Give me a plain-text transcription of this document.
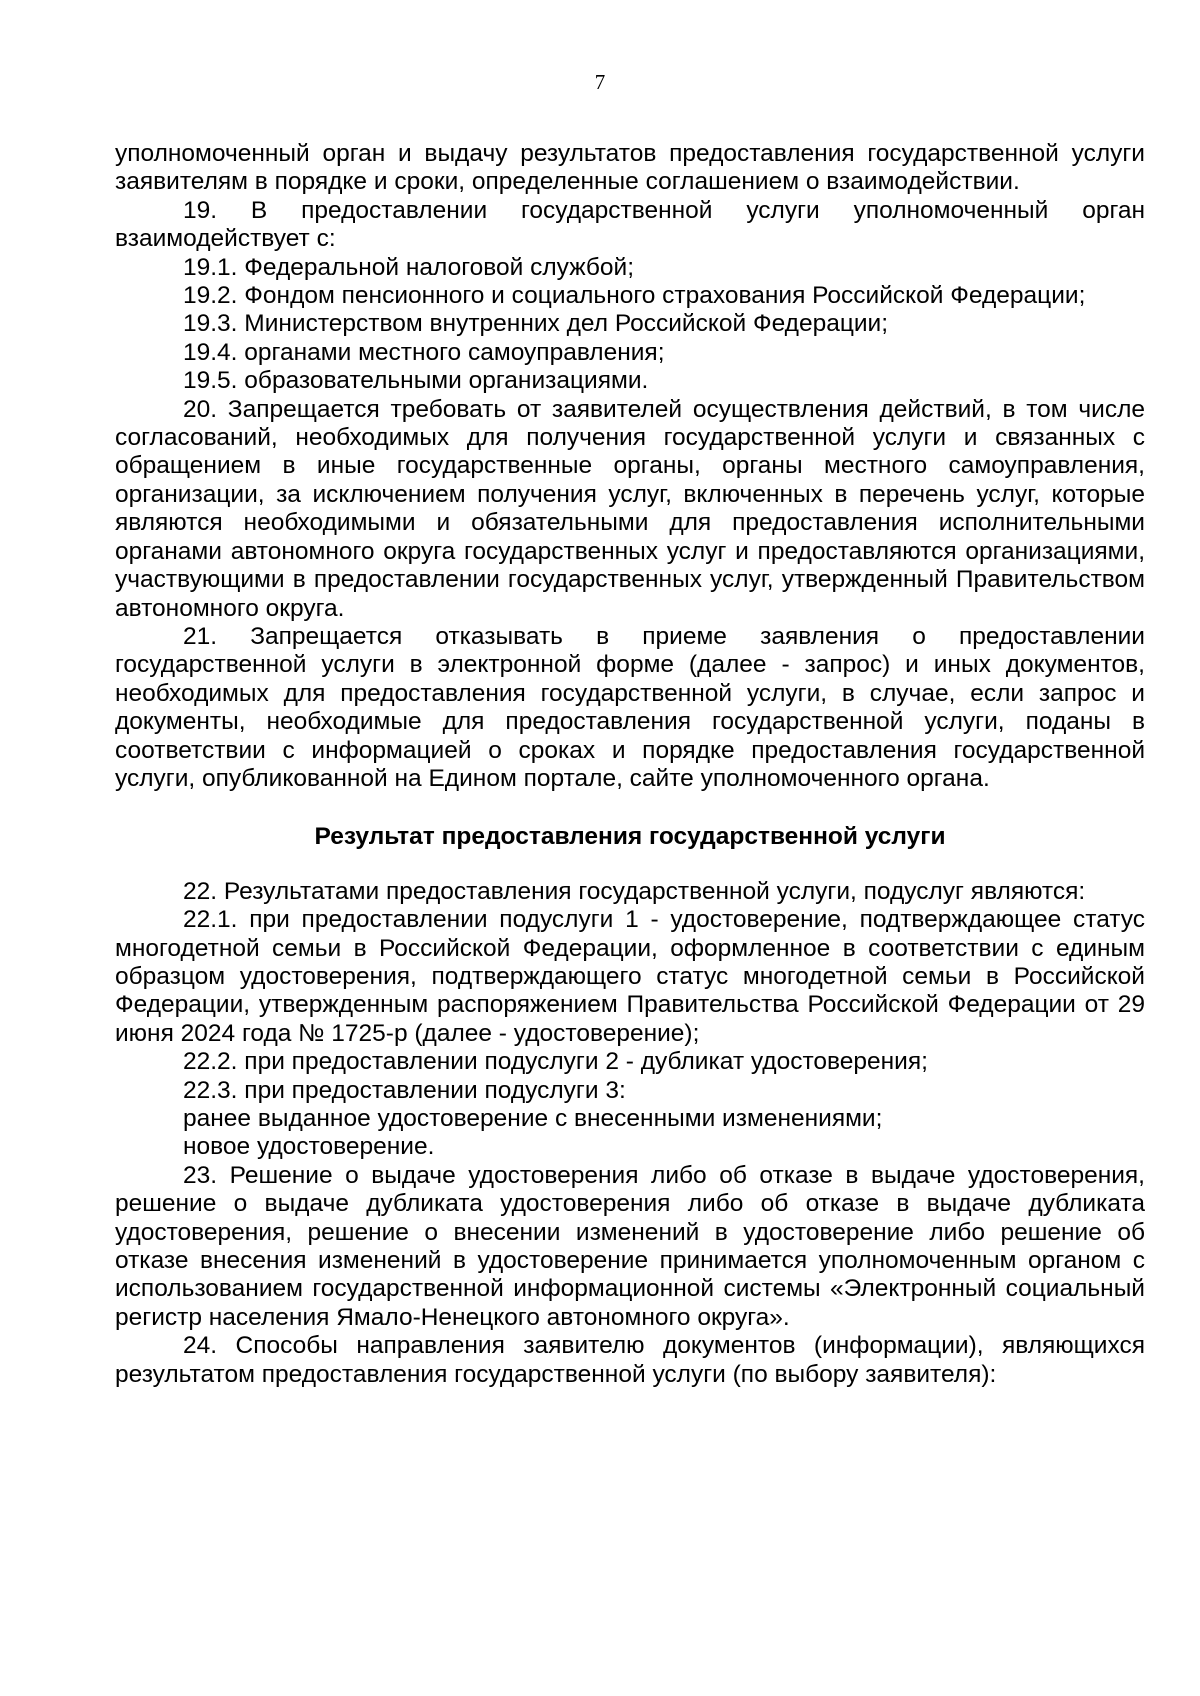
7

уполномоченный орган и выдачу результатов предоставления государственной услуги заявителям в порядке и сроки, определенные соглашением о взаимодействии.

19. В предоставлении государственной услуги уполномоченный орган взаимодействует с:

19.1. Федеральной налоговой службой;

19.2. Фондом пенсионного и социального страхования Российской Федерации;

19.3. Министерством внутренних дел Российской Федерации;

19.4. органами местного самоуправления;

19.5. образовательными организациями.

20. Запрещается требовать от заявителей осуществления действий, в том числе согласований, необходимых для получения государственной услуги и связанных с обращением в иные государственные органы, органы местного самоуправления, организации, за исключением получения услуг, включенных в перечень услуг, которые являются необходимыми и обязательными для предоставления исполнительными органами автономного округа государственных услуг и предоставляются организациями, участвующими в предоставлении государственных услуг, утвержденный Правительством автономного округа.

21. Запрещается отказывать в приеме заявления о предоставлении государственной услуги в электронной форме (далее - запрос) и иных документов, необходимых для предоставления государственной услуги, в случае, если запрос и документы, необходимые для предоставления государственной услуги, поданы в соответствии с информацией о сроках и порядке предоставления государственной услуги, опубликованной на Едином портале, сайте уполномоченного органа.

Результат предоставления государственной услуги

22. Результатами предоставления государственной услуги, подуслуг являются:

22.1. при предоставлении подуслуги 1 - удостоверение, подтверждающее статус многодетной семьи в Российской Федерации, оформленное в соответствии с единым образцом удостоверения, подтверждающего статус многодетной семьи в Российской Федерации, утвержденным распоряжением Правительства Российской Федерации от 29 июня 2024 года № 1725-р (далее - удостоверение);

22.2. при предоставлении подуслуги 2 - дубликат удостоверения;

22.3. при предоставлении подуслуги 3:

ранее выданное удостоверение с внесенными изменениями;

новое удостоверение.

23. Решение о выдаче удостоверения либо об отказе в выдаче удостоверения, решение о выдаче дубликата удостоверения либо об отказе в выдаче дубликата удостоверения, решение о внесении изменений в удостоверение либо решение об отказе внесения изменений в удостоверение принимается уполномоченным органом с использованием государственной информационной системы «Электронный социальный регистр населения Ямало-Ненецкого автономного округа».

24. Способы направления заявителю документов (информации), являющихся результатом предоставления государственной услуги (по выбору заявителя):
